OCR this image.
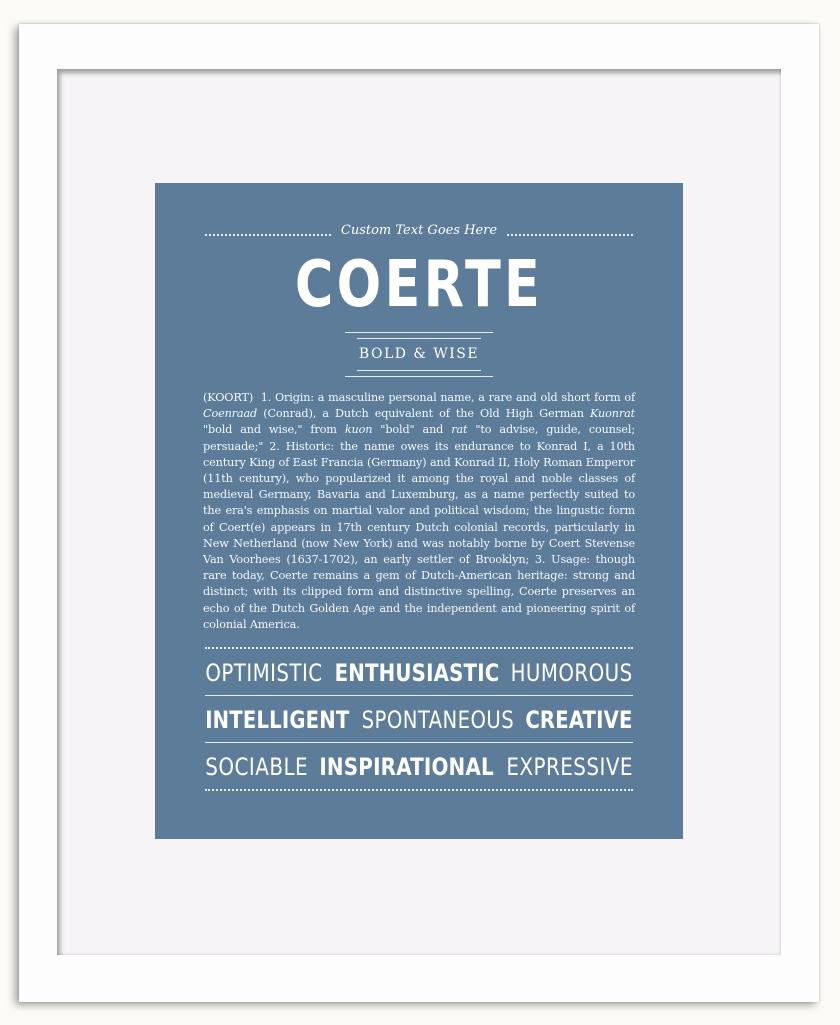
Custom Text Goes Here
COERTE
BOLD & WISE
(KOORT) 1. Origin: a masculine personal name, a rare and old short form of Coenraad (Conrad), a Dutch equivalent of the Old High German Kuonrat "bold and wise," from kuon "bold" and rat "to advise, guide, counsel; persuade;" 2. Historic: the name owes its endurance to Konrad I, a 10th century King of East Francia (Germany) and Konrad II, Holy Roman Emperor (11th century), who popularized it among the royal and noble classes of medieval Germany, Bavaria and Luxemburg, as a name perfectly suited to the era's emphasis on martial valor and political wisdom; the lingustic form of Coert(e) appears in 17th century Dutch colonial records, particularly in New Netherland (now New York) and was notably borne by Coert Stevense Van Voorhees (1637-1702), an early settler of Brooklyn; 3. Usage: though rare today, Coerte remains a gem of Dutch-American heritage: strong and distinct; with its clipped form and distinctive spelling, Coerte preserves an echo of the Dutch Golden Age and the independent and pioneering spirit of colonial America.
OPTIMISTIC ENTHUSIASTIC HUMOROUS
INTELLIGENT SPONTANEOUS CREATIVE
SOCIABLE INSPIRATIONAL EXPRESSIVE
